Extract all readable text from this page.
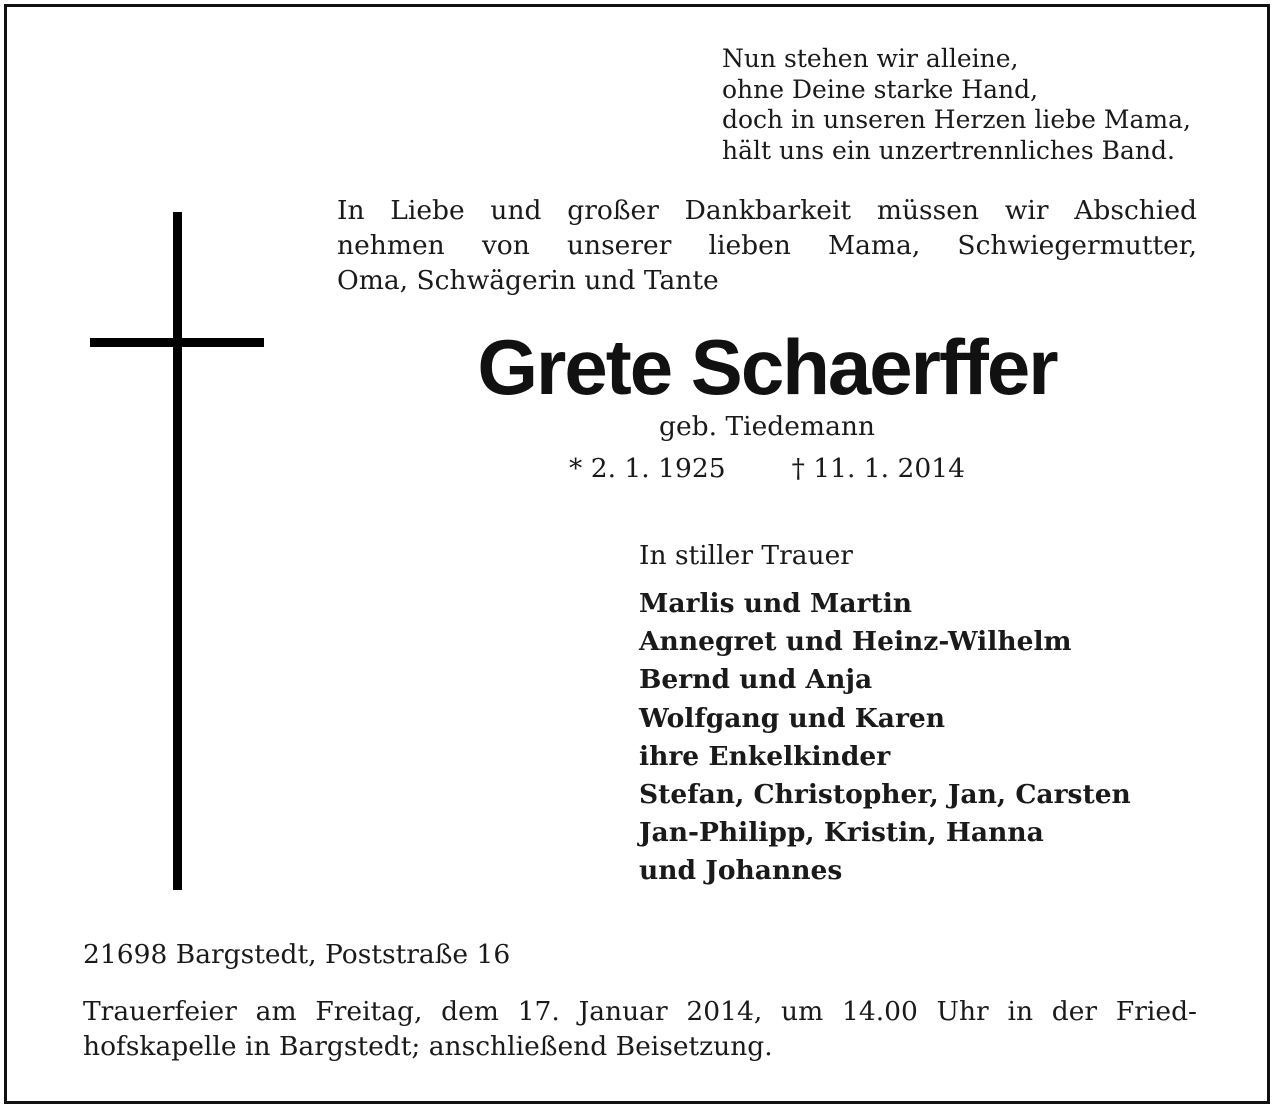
Nun stehen wir alleine,
ohne Deine starke Hand,
doch in unseren Herzen liebe Mama,
hält uns ein unzertrennliches Band.
In Liebe und großer Dankbarkeit müssen wir Abschied
nehmen von unserer lieben Mama, Schwiegermutter,
Oma, Schwägerin und Tante
Grete Schaerffer
geb. Tiedemann
* 2. 1. 1925 † 11. 1. 2014
In stiller Trauer
Marlis und Martin
Annegret und Heinz-Wilhelm
Bernd und Anja
Wolfgang und Karen
ihre Enkelkinder
Stefan, Christopher, Jan, Carsten
Jan-Philipp, Kristin, Hanna
und Johannes
21698 Bargstedt, Poststraße 16
Trauerfeier am Freitag, dem 17. Januar 2014, um 14.00 Uhr in der Fried-
hofskapelle in Bargstedt; anschließend Beisetzung.
